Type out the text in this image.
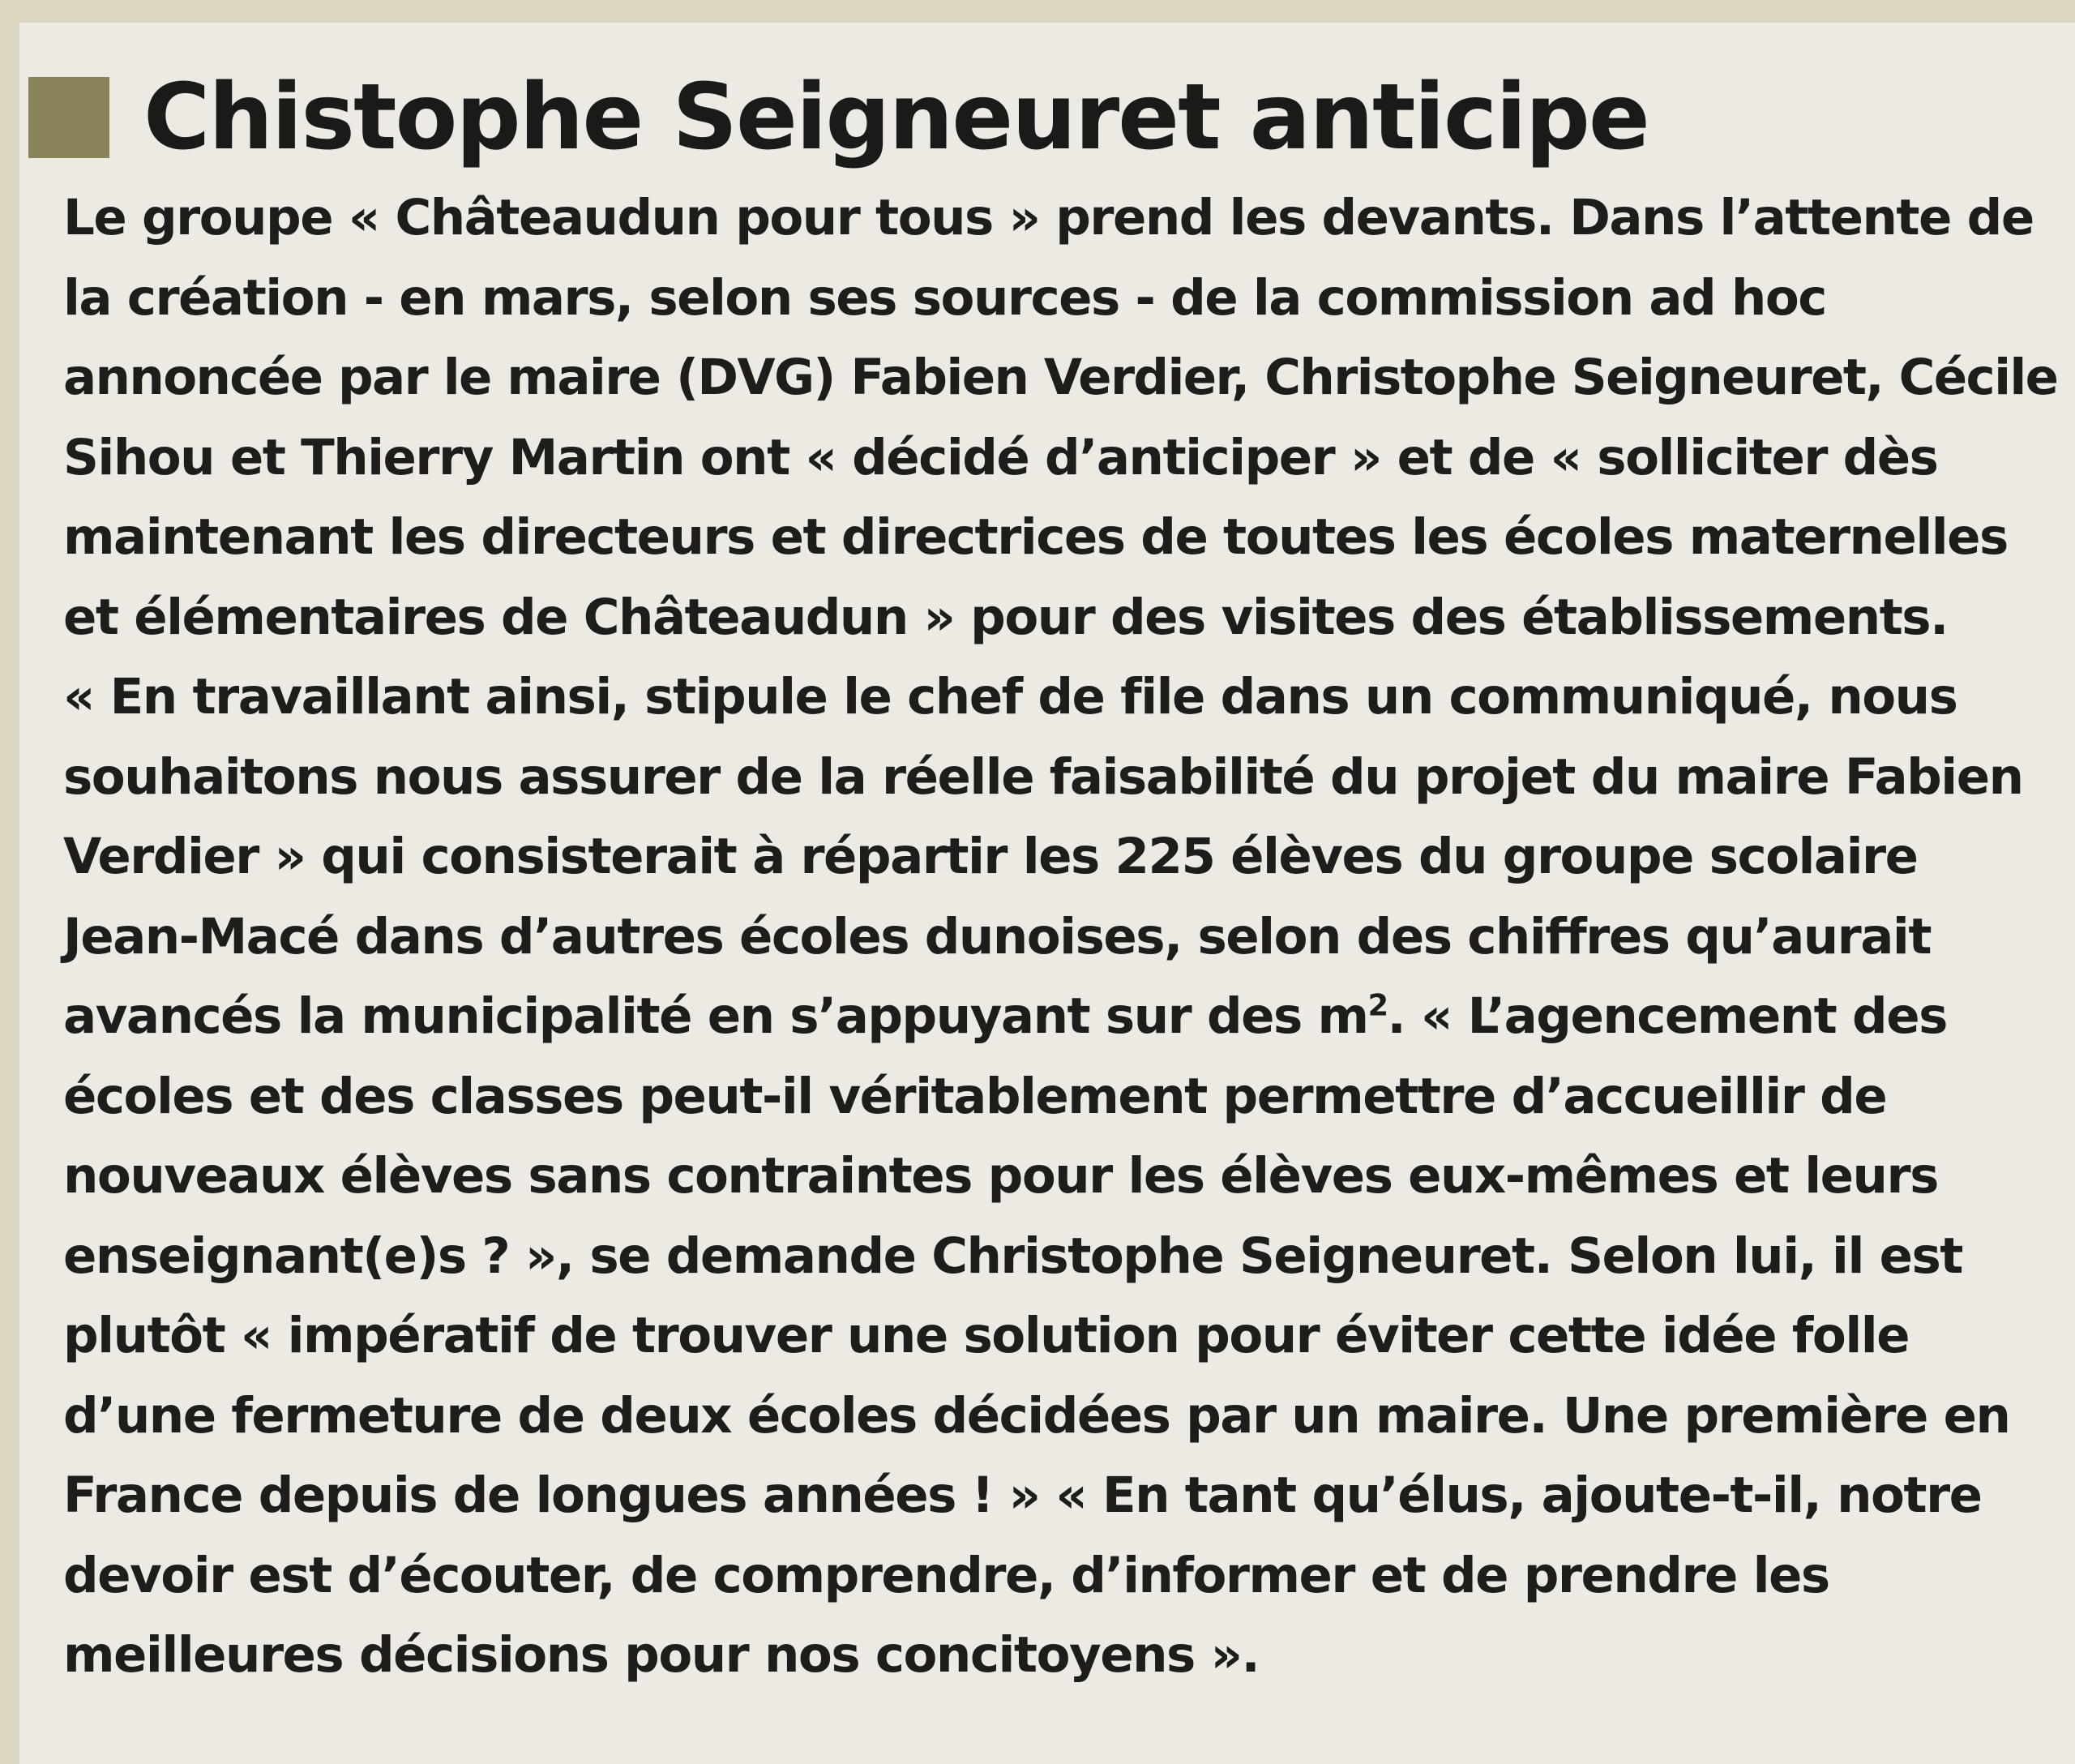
Chistophe Seigneuret anticipe
Le groupe « Châteaudun pour tous » prend les devants. Dans l’attente de
la création - en mars, selon ses sources - de la commission ad hoc
annoncée par le maire (DVG) Fabien Verdier, Christophe Seigneuret, Cécile
Sihou et Thierry Martin ont « décidé d’anticiper » et de « solliciter dès
maintenant les directeurs et directrices de toutes les écoles maternelles
et élémentaires de Châteaudun » pour des visites des établissements.
« En travaillant ainsi, stipule le chef de file dans un communiqué, nous
souhaitons nous assurer de la réelle faisabilité du projet du maire Fabien
Verdier » qui consisterait à répartir les 225 élèves du groupe scolaire
Jean-Macé dans d’autres écoles dunoises, selon des chiffres qu’aurait
avancés la municipalité en s’appuyant sur des $m^2$. « L’agencement des
écoles et des classes peut-il véritablement permettre d’accueillir de
nouveaux élèves sans contraintes pour les élèves eux-mêmes et leurs
enseignant(e)s ? », se demande Christophe Seigneuret. Selon lui, il est
plutôt « impératif de trouver une solution pour éviter cette idée folle
d’une fermeture de deux écoles décidées par un maire. Une première en
France depuis de longues années ! » « En tant qu’élus, ajoute-t-il, notre
devoir est d’écouter, de comprendre, d’informer et de prendre les
meilleures décisions pour nos concitoyens ».
